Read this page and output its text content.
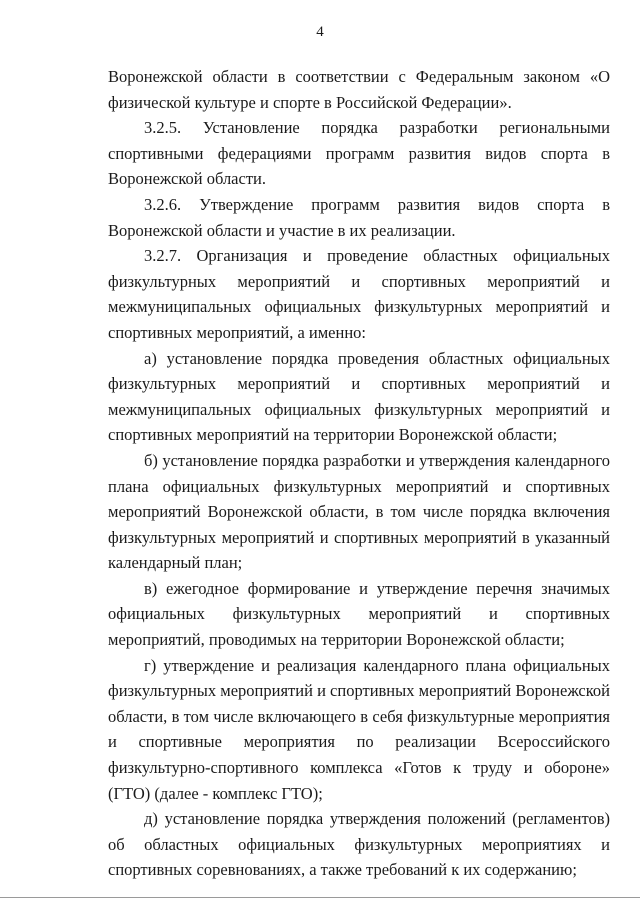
4

Воронежской области в соответствии с Федеральным законом «О физической культуре и спорте в Российской Федерации».

3.2.5. Установление порядка разработки региональными спортивными федерациями программ развития видов спорта в Воронежской области.

3.2.6. Утверждение программ развития видов спорта в Воронежской области и участие в их реализации.

3.2.7. Организация и проведение областных официальных физкультурных мероприятий и спортивных мероприятий и межмуниципальных официальных физкультурных мероприятий и спортивных мероприятий, а именно:

а) установление порядка проведения областных официальных физкультурных мероприятий и спортивных мероприятий и межмуниципальных официальных физкультурных мероприятий и спортивных мероприятий на территории Воронежской области;

б) установление порядка разработки и утверждения календарного плана официальных физкультурных мероприятий и спортивных мероприятий Воронежской области, в том числе порядка включения физкультурных мероприятий и спортивных мероприятий в указанный календарный план;

в) ежегодное формирование и утверждение перечня значимых официальных физкультурных мероприятий и спортивных мероприятий, проводимых на территории Воронежской области;

г) утверждение и реализация календарного плана официальных физкультурных мероприятий и спортивных мероприятий Воронежской области, в том числе включающего в себя физкультурные мероприятия и спортивные мероприятия по реализации Всероссийского физкультурно-спортивного комплекса «Готов к труду и обороне» (ГТО) (далее - комплекс ГТО);

д) установление порядка утверждения положений (регламентов) об областных официальных физкультурных мероприятиях и спортивных соревнованиях, а также требований к их содержанию;
